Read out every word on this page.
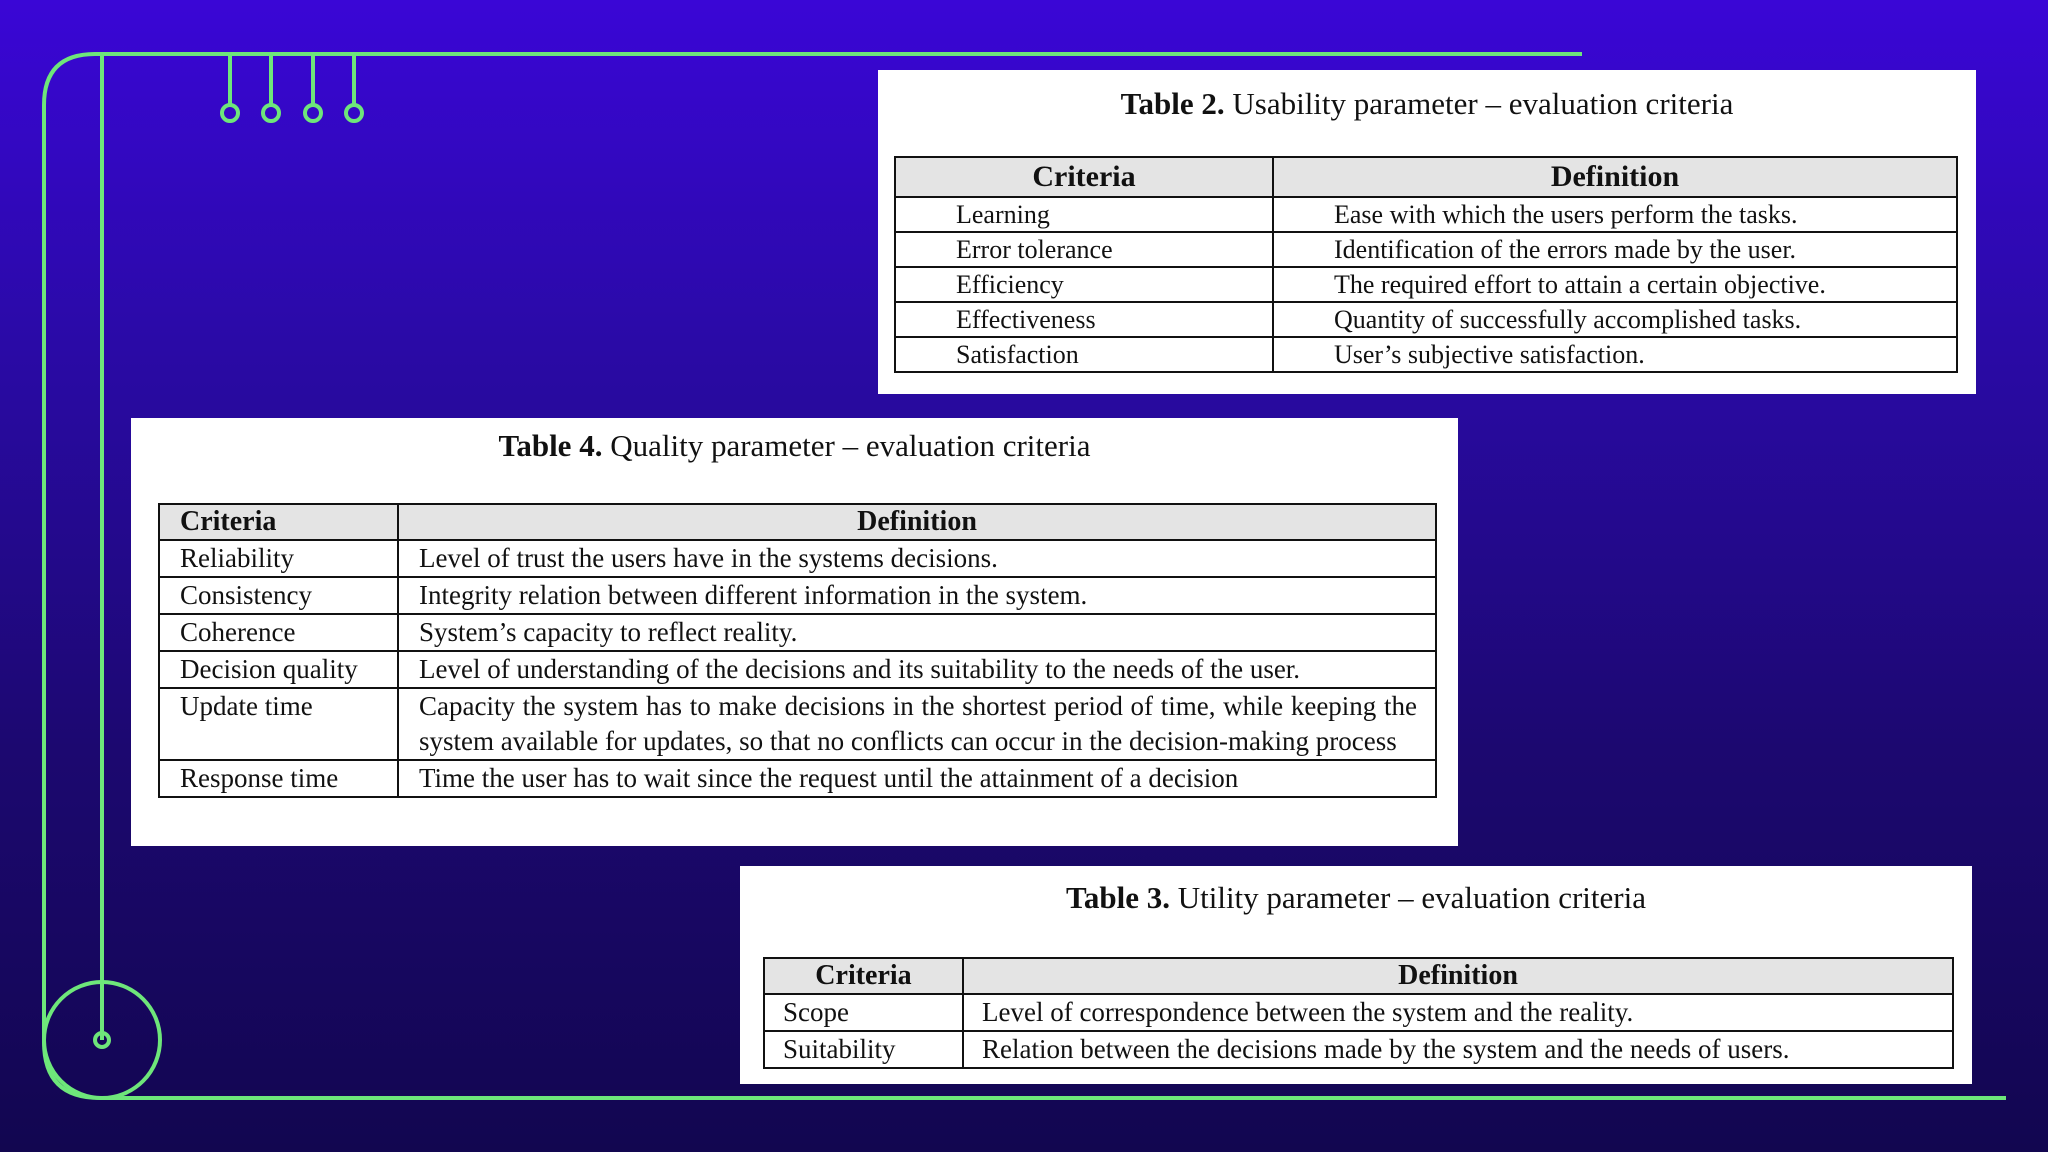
Table 2. Usability parameter – evaluation criteria
Criteria	Definition
Learning	Ease with which the users perform the tasks.
Error tolerance	Identification of the errors made by the user.
Efficiency	The required effort to attain a certain objective.
Effectiveness	Quantity of successfully accomplished tasks.
Satisfaction	User’s subjective satisfaction.
Table 4. Quality parameter – evaluation criteria
Criteria	Definition
Reliability	Level of trust the users have in the systems decisions.
Consistency	Integrity relation between different information in the system.
Coherence	System’s capacity to reflect reality.
Decision quality	Level of understanding of the decisions and its suitability to the needs of the user.
Update time	Capacity the system has to make decisions in the shortest period of time, while keeping the system available for updates, so that no conflicts can occur in the decision-making process
Response time	Time the user has to wait since the request until the attainment of a decision
Table 3. Utility parameter – evaluation criteria
Criteria	Definition
Scope	Level of correspondence between the system and the reality.
Suitability	Relation between the decisions made by the system and the needs of users.
